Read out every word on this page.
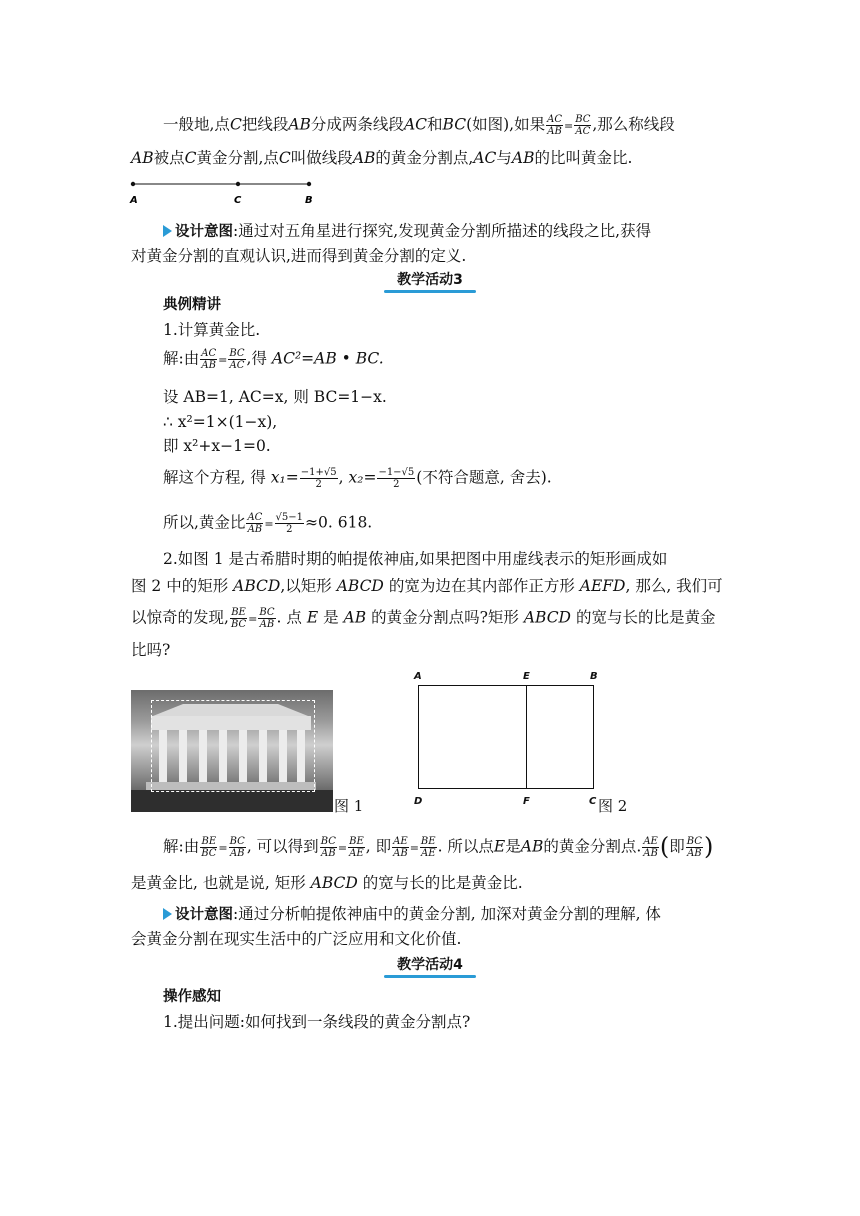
一般地,点C把线段AB分成两条线段AC和BC(如图),如果 $\frac{AC}{AB} = \frac{BC}{AC}$ ,那么称线段
AB被点C黄金分割,点C叫做线段AB的黄金分割点,AC与AB的比叫黄金比.
A	C	B
设计意图:通过对五角星进行探究,发现黄金分割所描述的线段之比,获得
对黄金分割的直观认识,进而得到黄金分割的定义.
教学活动3
典例精讲
1.计算黄金比.
解:由 $\frac{AC}{AB} = \frac{BC}{AC}$ ,得 AC²=AB • BC.
设 AB=1, AC=x, 则 BC=1−x.
∴ x²=1×(1−x),
即 x²+x−1=0.
解这个方程, 得 $x_1= \frac{-1+√5}{2}$ , $x_2= \frac{-1-√5}{2}$ (不符合题意, 舍去).
所以,黄金比 $\frac{AC}{AB} = \frac{√5-1}{2} \approx 0$. 618.
2.如图 1 是古希腊时期的帕提侬神庙,如果把图中用虚线表示的矩形画成如
图 2 中的矩形 ABCD,以矩形 ABCD 的宽为边在其内部作正方形 AEFD, 那么, 我们可
以惊奇的发现, $\frac{BE}{BC} = \frac{BC}{AB}$ . 点 E 是 AB 的黄金分割点吗?矩形 ABCD 的宽与长的比是黄金
比吗?
图 1
A	E	B
D	F	C 图 2
解:由 $\frac{BE}{BC} = \frac{BC}{AB}$ , 可以得到 $\frac{BC}{AB} = \frac{BE}{AE}$ , 即 $\frac{AE}{AB} = \frac{BE}{AE}$ . 所以点E是AB的黄金分割点. $\frac{AE}{AB}$ (即 $\frac{BC}{AB}$ )
是黄金比, 也就是说, 矩形 ABCD 的宽与长的比是黄金比.
设计意图:通过分析帕提侬神庙中的黄金分割, 加深对黄金分割的理解, 体
会黄金分割在现实生活中的广泛应用和文化价值.
教学活动4
操作感知
1.提出问题:如何找到一条线段的黄金分割点?
